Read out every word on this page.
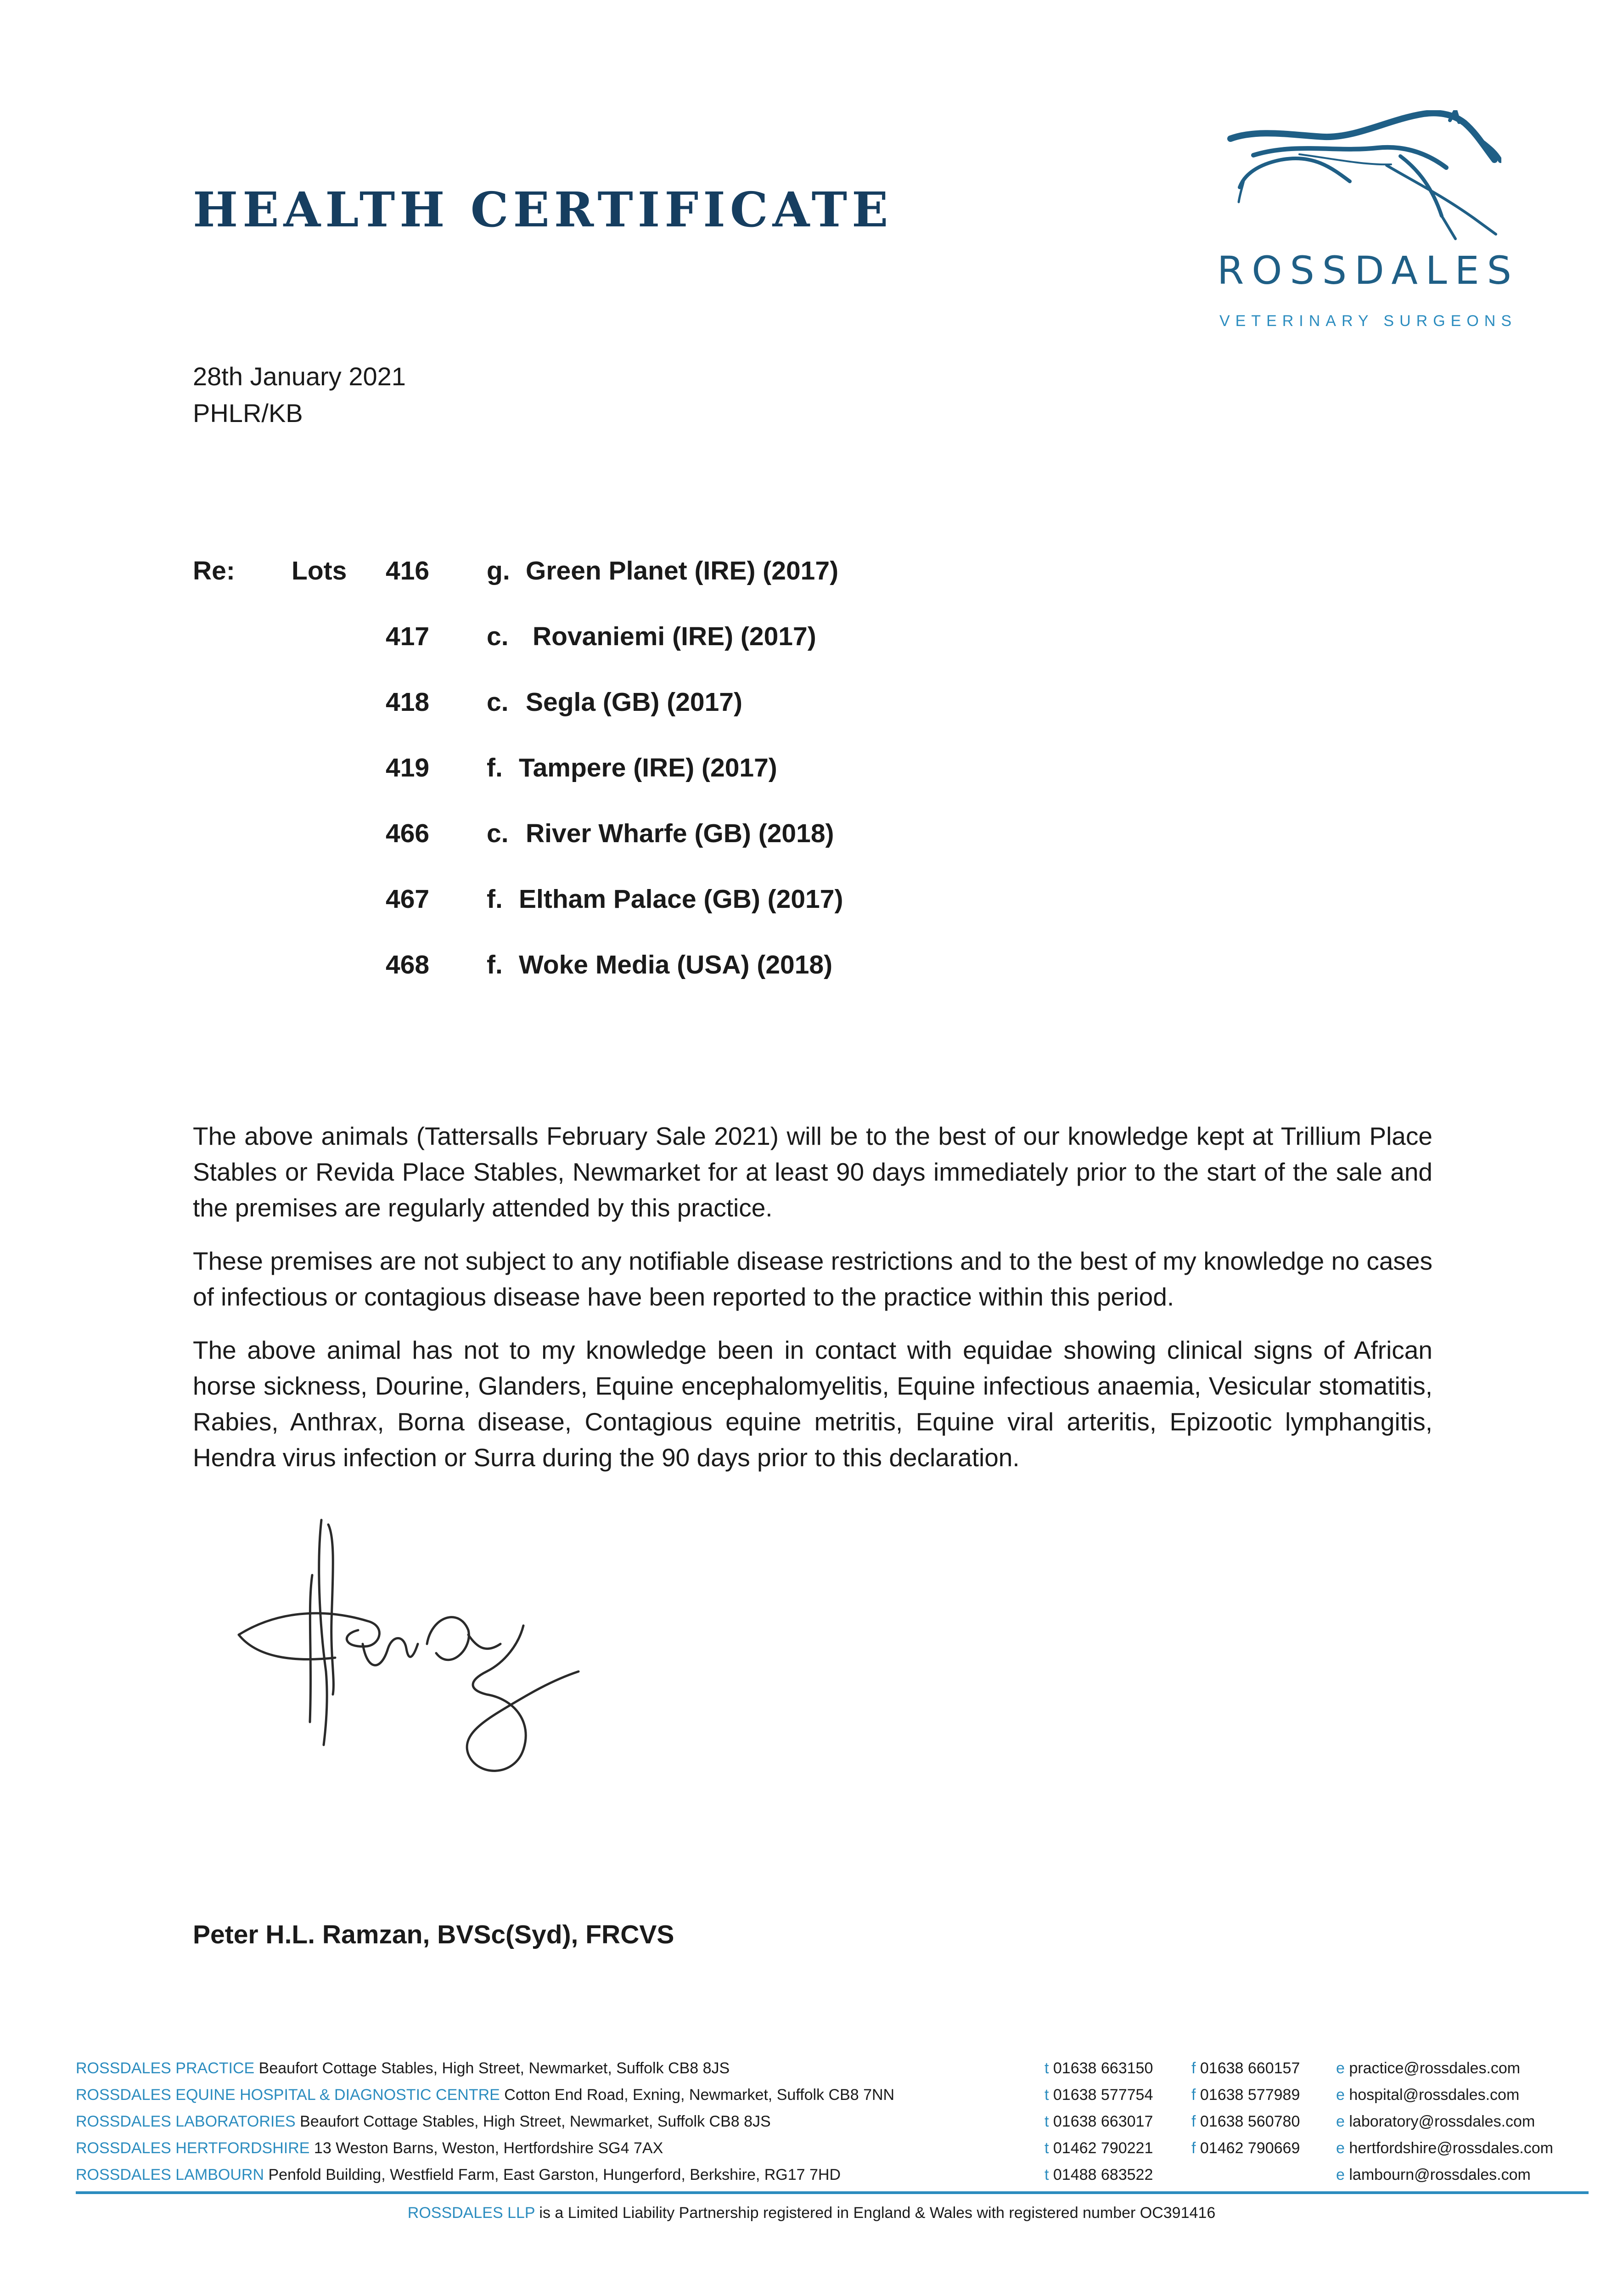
HEALTH CERTIFICATE
ROSSDALES
VETERINARY SURGEONS
28th January 2021
PHLR/KB
Re: Lots 416 g. Green Planet (IRE) (2017)
417 c. Rovaniemi (IRE) (2017)
418 c. Segla (GB) (2017)
419 f. Tampere (IRE) (2017)
466 c. River Wharfe (GB) (2018)
467 f. Eltham Palace (GB) (2017)
468 f. Woke Media (USA) (2018)

The above animals (Tattersalls February Sale 2021) will be to the best of our knowledge kept at Trillium Place Stables or Revida Place Stables, Newmarket for at least 90 days immediately prior to the start of the sale and the premises are regularly attended by this practice.

These premises are not subject to any notifiable disease restrictions and to the best of my knowledge no cases of infectious or contagious disease have been reported to the practice within this period.

The above animal has not to my knowledge been in contact with equidae showing clinical signs of African horse sickness, Dourine, Glanders, Equine encephalomyelitis, Equine infectious anaemia, Vesicular stomatitis, Rabies, Anthrax, Borna disease, Contagious equine metritis, Equine viral arteritis, Epizootic lymphangitis, Hendra virus infection or Surra during the 90 days prior to this declaration.

Peter H.L. Ramzan, BVSc(Syd), FRCVS
ROSSDALES PRACTICE Beaufort Cottage Stables, High Street, Newmarket, Suffolk CB8 8JS	t 01638 663150 f 01638 660157 e practice@rossdales.com
ROSSDALES EQUINE HOSPITAL & DIAGNOSTIC CENTRE Cotton End Road, Exning, Newmarket, Suffolk CB8 7NN	t 01638 577754 f 01638 577989 e hospital@rossdales.com
ROSSDALES LABORATORIES Beaufort Cottage Stables, High Street, Newmarket, Suffolk CB8 8JS	t 01638 663017 f 01638 560780 e laboratory@rossdales.com
ROSSDALES HERTFORDSHIRE 13 Weston Barns, Weston, Hertfordshire SG4 7AX	t 01462 790221 f 01462 790669 e hertfordshire@rossdales.com
ROSSDALES LAMBOURN Penfold Building, Westfield Farm, East Garston, Hungerford, Berkshire, RG17 7HD	t 01488 683522	e lambourn@rossdales.com
ROSSDALES LLP is a Limited Liability Partnership registered in England & Wales with registered number OC391416
